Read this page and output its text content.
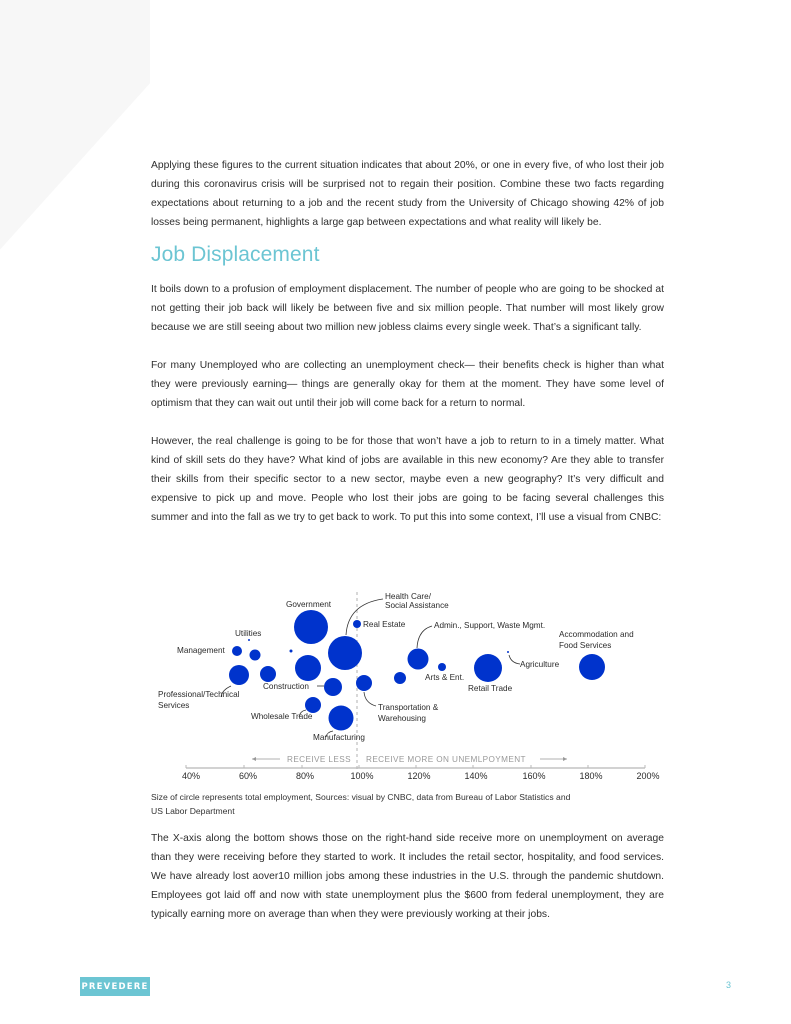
Applying these figures to the current situation indicates that about 20%, or one in every five, of who lost their job during this coronavirus crisis will be surprised not to regain their position. Combine these two facts regarding expectations about returning to a job and the recent study from the University of Chicago showing 42% of job losses being permanent, highlights a large gap between expectations and what reality will likely be.

Job Displacement

It boils down to a profusion of employment displacement. The number of people who are going to be shocked at not getting their job back will likely be between five and six million people. That number will most likely grow because we are still seeing about two million new jobless claims every single week. That’s a significant tally.

For many Unemployed who are collecting an unemployment check— their benefits check is higher than what they were previously earning— things are generally okay for them at the moment. They have some level of optimism that they can wait out until their job will come back for a return to normal.

However, the real challenge is going to be for those that won’t have a job to return to in a timely matter. What kind of skill sets do they have? What kind of jobs are available in this new economy? Are they able to transfer their skills from their specific sector to a new sector, maybe even a new geography? It’s very difficult and expensive to pick up and move. People who lost their jobs are going to be facing several challenges this summer and into the fall as we try to get back to work. To put this into some context, I’ll use a visual from CNBC:

Government
Health Care/
Social Assistance
Real Estate	Admin., Support, Waste Mgmt.
Accommodation and
Food Services
Utilities
Management
Agriculture
Arts & Ent.
Retail Trade
Construction
Professional/Technical
Services
Wholesale Trade
Transportation &
Warehousing
Manufacturing
RECEIVE LESS RECEIVE MORE ON UNEMLPOYMENT
40%	60%	80%	100%	120%	140%	160%	180%	200%
Size of circle represents total employment, Sources: visual by CNBC, data from Bureau of Labor Statistics and
US Labor Department

The X-axis along the bottom shows those on the right-hand side receive more on unemployment on average than they were receiving before they started to work. It includes the retail sector, hospitality, and food services. We have already lost aover10 million jobs among these industries in the U.S. through the pandemic shutdown. Employees got laid off and now with state unemployment plus the $600 from federal unemployment, they are typically earning more on average than when they were previously working at their jobs.

PREVEDERE	3
